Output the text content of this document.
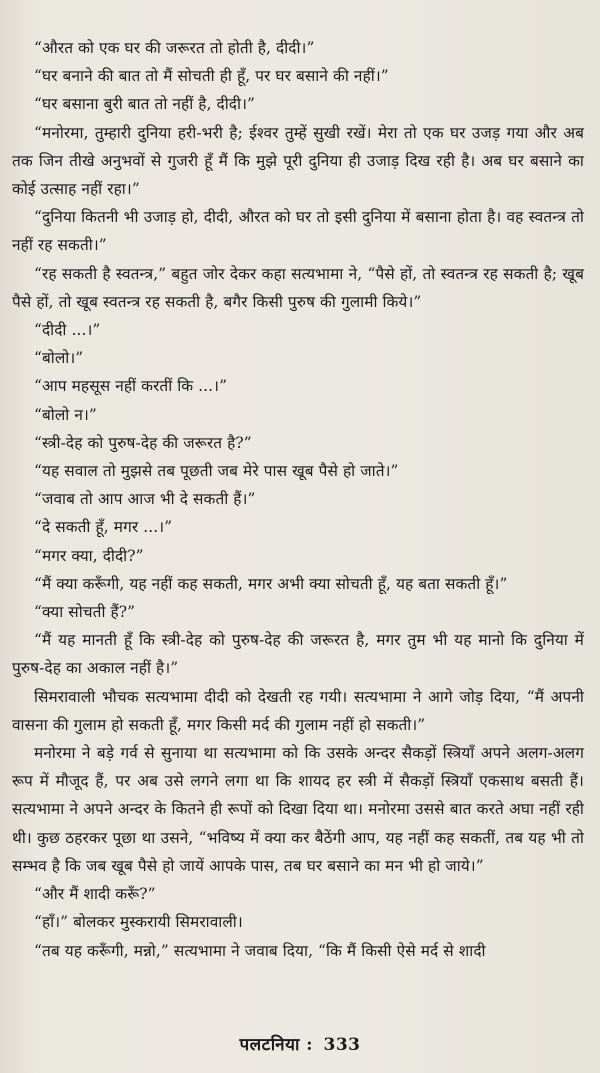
“औरत को एक घर की जरूरत तो होती है, दीदी।”

“घर बनाने की बात तो मैं सोचती ही हूँ, पर घर बसाने की नहीं।”

“घर बसाना बुरी बात तो नहीं है, दीदी।”

“मनोरमा, तुम्हारी दुनिया हरी-भरी है; ईश्वर तुम्हें सुखी रखें। मेरा तो एक घर उजड़ गया और अब तक जिन तीखे अनुभवों से गुजरी हूँ मैं कि मुझे पूरी दुनिया ही उजाड़ दिख रही है। अब घर बसाने का कोई उत्साह नहीं रहा।”

“दुनिया कितनी भी उजाड़ हो, दीदी, औरत को घर तो इसी दुनिया में बसाना होता है। वह स्वतन्त्र तो नहीं रह सकती।”

“रह सकती है स्वतन्त्र,” बहुत जोर देकर कहा सत्यभामा ने, “पैसे हों, तो स्वतन्त्र रह सकती है; खूब पैसे हों, तो खूब स्वतन्त्र रह सकती है, बगैर किसी पुरुष की गुलामी किये।”

“दीदी ...।”

“बोलो।”

“आप महसूस नहीं करतीं कि ...।”

“बोलो न।”

“स्त्री-देह को पुरुष-देह की जरूरत है?”

“यह सवाल तो मुझसे तब पूछती जब मेरे पास खूब पैसे हो जाते।”

“जवाब तो आप आज भी दे सकती हैं।”

“दे सकती हूँ, मगर ...।”

“मगर क्या, दीदी?”

“मैं क्या करूँगी, यह नहीं कह सकती, मगर अभी क्या सोचती हूँ, यह बता सकती हूँ।”

“क्या सोचती हैं?”

“मैं यह मानती हूँ कि स्त्री-देह को पुरुष-देह की जरूरत है, मगर तुम भी यह मानो कि दुनिया में पुरुष-देह का अकाल नहीं है।”

सिमरावाली भौचक सत्यभामा दीदी को देखती रह गयी। सत्यभामा ने आगे जोड़ दिया, “मैं अपनी वासना की गुलाम हो सकती हूँ, मगर किसी मर्द की गुलाम नहीं हो सकती।”

मनोरमा ने बड़े गर्व से सुनाया था सत्यभामा को कि उसके अन्दर सैकड़ों स्त्रियाँ अपने अलग-अलग रूप में मौजूद हैं, पर अब उसे लगने लगा था कि शायद हर स्त्री में सैकड़ों स्त्रियाँ एकसाथ बसती हैं। सत्यभामा ने अपने अन्दर के कितने ही रूपों को दिखा दिया था। मनोरमा उससे बात करते अघा नहीं रही थी। कुछ ठहरकर पूछा था उसने, “भविष्य में क्या कर बैठेंगी आप, यह नहीं कह सकतीं, तब यह भी तो सम्भव है कि जब खूब पैसे हो जायें आपके पास, तब घर बसाने का मन भी हो जाये।”

“और मैं शादी करूँ?”

“हाँ।” बोलकर मुस्करायी सिमरावाली।

“तब यह करूँगी, मन्नो,” सत्यभामा ने जवाब दिया, “कि मैं किसी ऐसे मर्द से शादी

पलटनिया : 333
